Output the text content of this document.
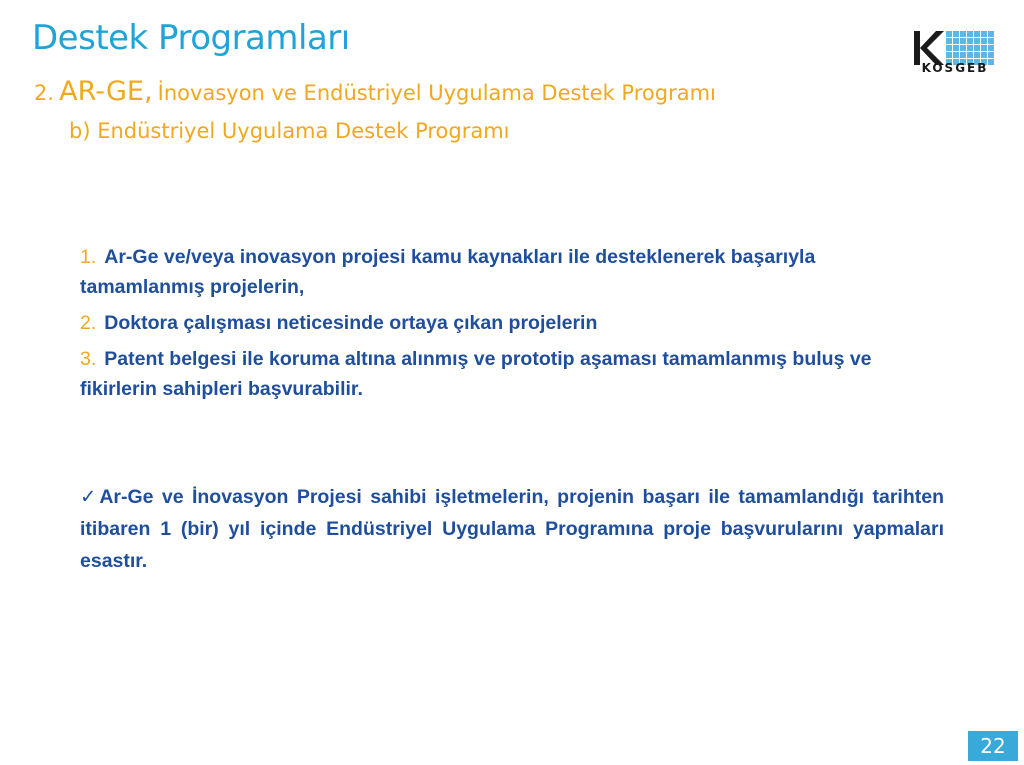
Destek Programları

2. AR-GE, İnovasyon ve Endüstriyel Uygulama Destek Programı

b) Endüstriyel Uygulama Destek Programı

KOSGEB
1. Ar-Ge ve/veya inovasyon projesi kamu kaynakları ile desteklenerek başarıyla tamamlanmış projelerin,
2. Doktora çalışması neticesinde ortaya çıkan projelerin
3. Patent belgesi ile koruma altına alınmış ve prototip aşaması tamamlanmış buluş ve fikirlerin sahipleri başvurabilir.

✓Ar-Ge ve İnovasyon Projesi sahibi işletmelerin, projenin başarı ile tamamlandığı tarihten itibaren 1 (bir) yıl içinde Endüstriyel Uygulama Programına proje başvurularını yapmaları esastır.

22
